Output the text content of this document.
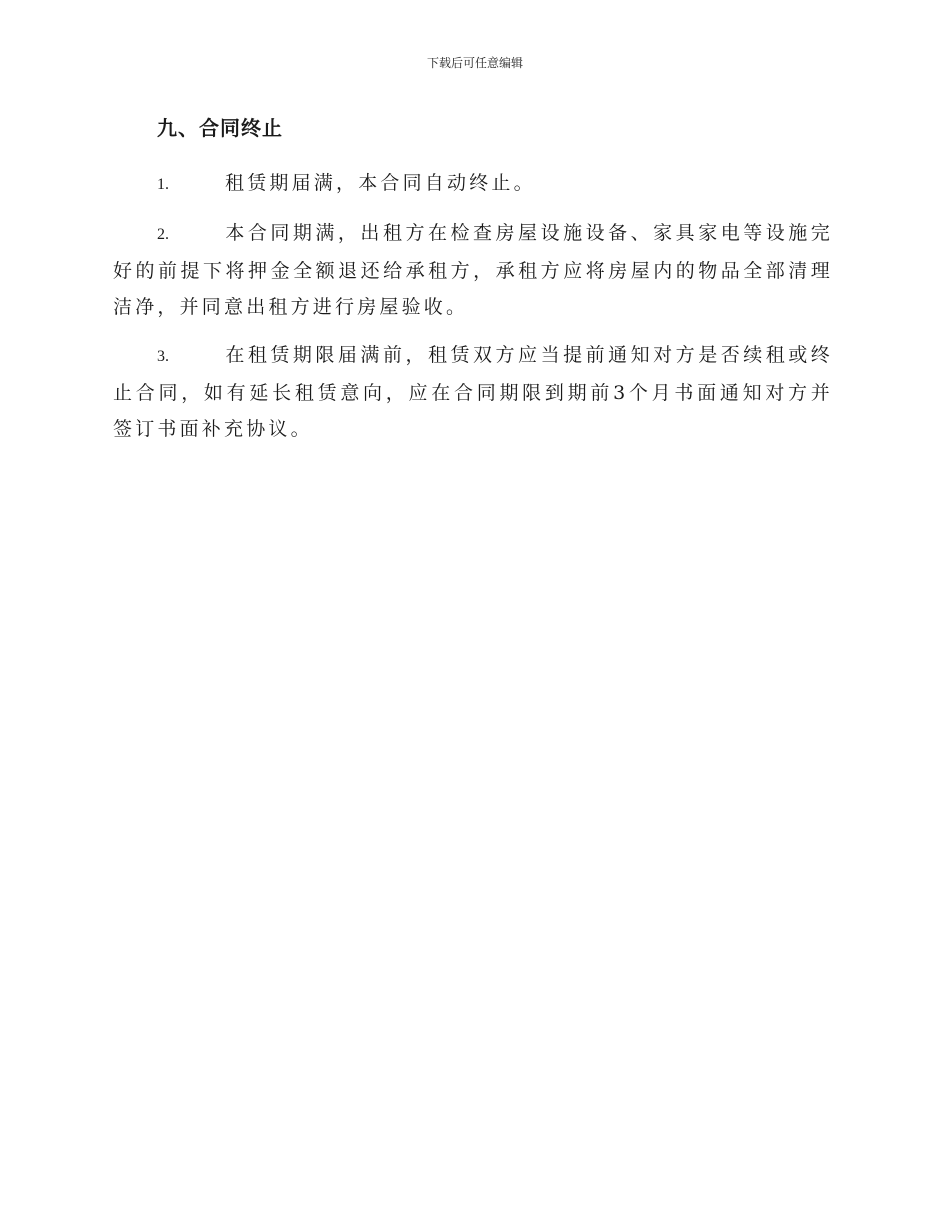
下载后可任意编辑
九、合同终止

1.	租赁期届满，本合同自动终止。

2.	本合同期满，出租方在检查房屋设施设备、家具家电等设施完好的前提下将押金全额退还给承租方，承租方应将房屋内的物品全部清理洁净，并同意出租方进行房屋验收。

3.	在租赁期限届满前，租赁双方应当提前通知对方是否续租或终止合同，如有延长租赁意向，应在合同期限到期前3个月书面通知对方并签订书面补充协议。
